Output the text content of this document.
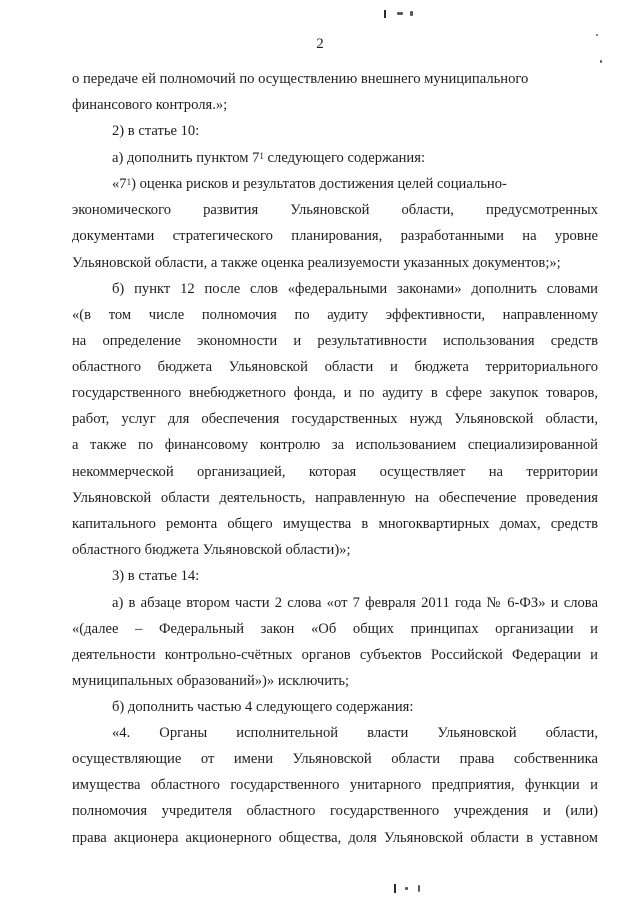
2
о передаче ей полномочий по осуществлению внешнего муниципального
финансового контроля.»;
2) в статье 10:
а) дополнить пунктом $7^1$ следующего содержания:
«$7^1$) оценка рисков и результатов достижения целей социально-
экономического развития Ульяновской области, предусмотренных
документами стратегического планирования, разработанными на уровне
Ульяновской области, а также оценка реализуемости указанных документов;»;
б) пункт 12 после слов «федеральными законами» дополнить словами
«(в том числе полномочия по аудиту эффективности, направленному
на определение экономности и результативности использования средств
областного бюджета Ульяновской области и бюджета территориального
государственного внебюджетного фонда, и по аудиту в сфере закупок товаров,
работ, услуг для обеспечения государственных нужд Ульяновской области,
а также по финансовому контролю за использованием специализированной
некоммерческой организацией, которая осуществляет на территории
Ульяновской области деятельность, направленную на обеспечение проведения
капитального ремонта общего имущества в многоквартирных домах, средств
областного бюджета Ульяновской области)»;
3) в статье 14:
а) в абзаце втором части 2 слова «от 7 февраля 2011 года № 6-ФЗ» и слова
«(далее – Федеральный закон «Об общих принципах организации и
деятельности контрольно-счётных органов субъектов Российской Федерации и
муниципальных образований»)» исключить;
б) дополнить частью 4 следующего содержания:
«4. Органы исполнительной власти Ульяновской области,
осуществляющие от имени Ульяновской области права собственника
имущества областного государственного унитарного предприятия, функции и
полномочия учредителя областного государственного учреждения и (или)
права акционера акционерного общества, доля Ульяновской области в уставном
